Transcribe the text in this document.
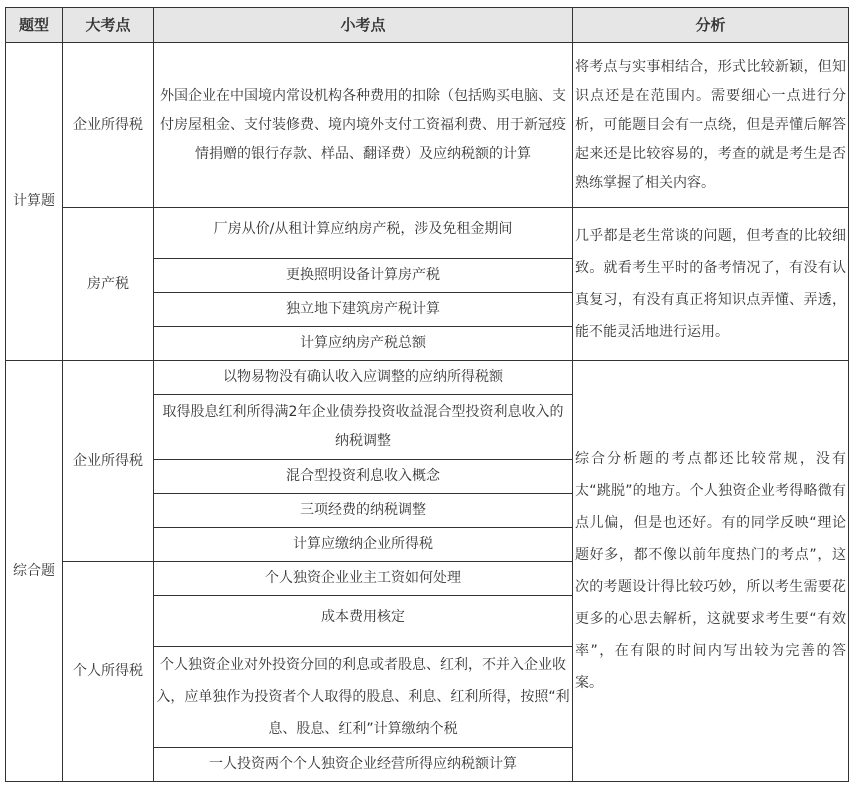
题型	大考点	小考点	分析
计算题	企业所得税	外国企业在中国境内常设机构各种费用的扣除（包括购买电脑、支付房屋租金、支付装修费、境内境外支付工资福利费、用于新冠疫情捐赠的银行存款、样品、翻译费）及应纳税额的计算	将考点与实事相结合，形式比较新颖，但知识点还是在范围内。需要细心一点进行分析，可能题目会有一点绕，但是弄懂后解答起来还是比较容易的，考查的就是考生是否熟练掌握了相关内容。
	房产税	厂房从价/从租计算应纳房产税，涉及免租金期间	几乎都是老生常谈的问题，但考查的比较细致。就看考生平时的备考情况了，有没有认真复习，有没有真正将知识点弄懂、弄透，能不能灵活地进行运用。
		更换照明设备计算房产税	
		独立地下建筑房产税计算	
		计算应纳房产税总额	
综合题	企业所得税	以物易物没有确认收入应调整的应纳所得税额	综合分析题的考点都还比较常规，没有太“跳脱”的地方。个人独资企业考得略微有点儿偏，但是也还好。有的同学反映“理论题好多，都不像以前年度热门的考点”，这次的考题设计得比较巧妙，所以考生需要花更多的心思去解析，这就要求考生要“有效率”，在有限的时间内写出较为完善的答案。
		取得股息红利所得满2年企业债券投资收益混合型投资利息收入的纳税调整	
		混合型投资利息收入概念	
		三项经费的纳税调整	
		计算应缴纳企业所得税	
	个人所得税	个人独资企业业主工资如何处理	
		成本费用核定	
		个人独资企业对外投资分回的利息或者股息、红利，不并入企业收入，应单独作为投资者个人取得的股息、利息、红利所得，按照“利息、股息、红利”计算缴纳个税	
		一人投资两个个人独资企业经营所得应纳税额计算	
